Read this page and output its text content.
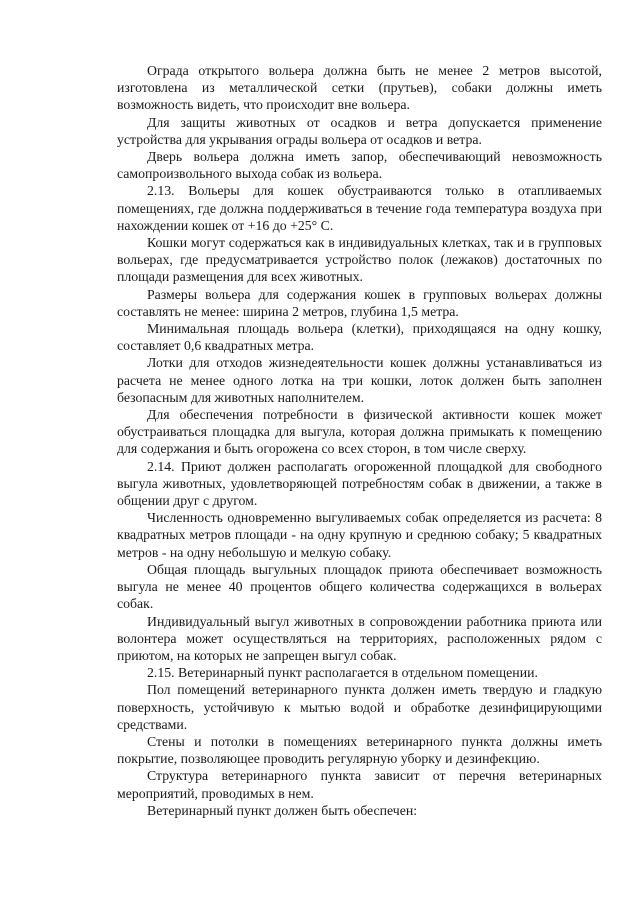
Ограда открытого вольера должна быть не менее 2 метров высотой, изготовлена из металлической сетки (прутьев), собаки должны иметь возможность видеть, что происходит вне вольера.

Для защиты животных от осадков и ветра допускается применение устройства для укрывания ограды вольера от осадков и ветра.

Дверь вольера должна иметь запор, обеспечивающий невозможность самопроизвольного выхода собак из вольера.

2.13. Вольеры для кошек обустраиваются только в отапливаемых помещениях, где должна поддерживаться в течение года температура воздуха при нахождении кошек от +16 до +25° С.

Кошки могут содержаться как в индивидуальных клетках, так и в групповых вольерах, где предусматривается устройство полок (лежаков) достаточных по площади размещения для всех животных.

Размеры вольера для содержания кошек в групповых вольерах должны составлять не менее: ширина 2 метров, глубина 1,5 метра.

Минимальная площадь вольера (клетки), приходящаяся на одну кошку, составляет 0,6 квадратных метра.

Лотки для отходов жизнедеятельности кошек должны устанавливаться из расчета не менее одного лотка на три кошки, лоток должен быть заполнен безопасным для животных наполнителем.

Для обеспечения потребности в физической активности кошек может обустраиваться площадка для выгула, которая должна примыкать к помещению для содержания и быть огорожена со всех сторон, в том числе сверху.

2.14. Приют должен располагать огороженной площадкой для свободного выгула животных, удовлетворяющей потребностям собак в движении, а также в общении друг с другом.

Численность одновременно выгуливаемых собак определяется из расчета: 8 квадратных метров площади - на одну крупную и среднюю собаку; 5 квадратных метров - на одну небольшую и мелкую собаку.

Общая площадь выгульных площадок приюта обеспечивает возможность выгула не менее 40 процентов общего количества содержащихся в вольерах собак.

Индивидуальный выгул животных в сопровождении работника приюта или волонтера может осуществляться на территориях, расположенных рядом с приютом, на которых не запрещен выгул собак.

2.15. Ветеринарный пункт располагается в отдельном помещении.

Пол помещений ветеринарного пункта должен иметь твердую и гладкую поверхность, устойчивую к мытью водой и обработке дезинфицирующими средствами.

Стены и потолки в помещениях ветеринарного пункта должны иметь покрытие, позволяющее проводить регулярную уборку и дезинфекцию.

Структура ветеринарного пункта зависит от перечня ветеринарных мероприятий, проводимых в нем.

Ветеринарный пункт должен быть обеспечен:
